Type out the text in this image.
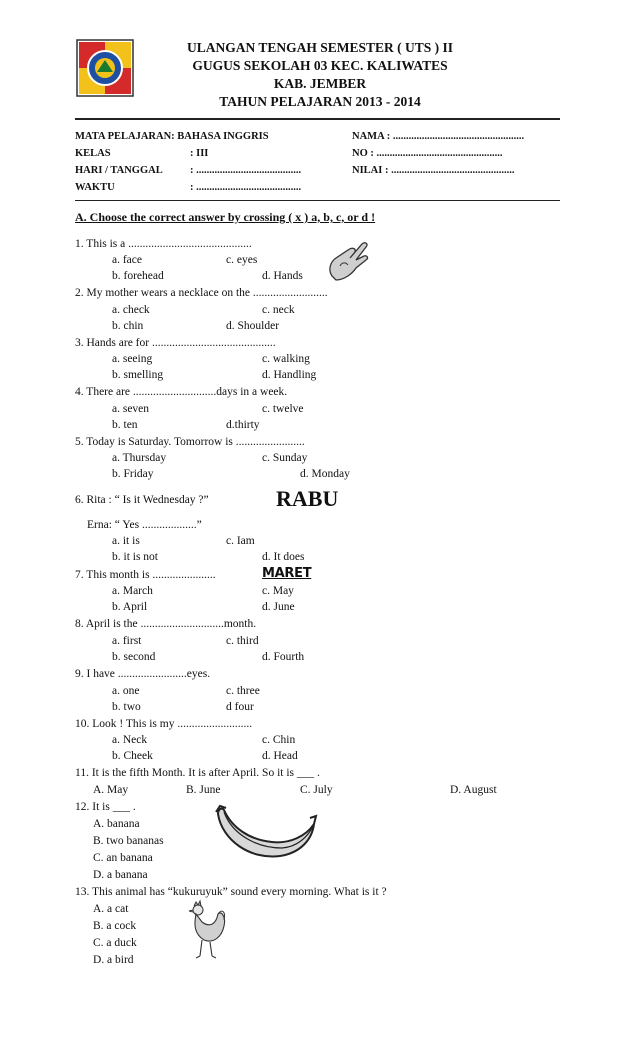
ULANGAN TENGAH SEMESTER ( UTS ) II
GUGUS SEKOLAH 03 KEC. KALIWATES
KAB. JEMBER
TAHUN PELAJARAN 2013 - 2014
MATA PELAJARAN: BAHASA INGGRIS
KELAS	: III
HARI / TANGGAL	: ........................................
WAKTU	: ........................................
NAMA : ..................................................
NO : ................................................
NILAI : ...............................................
A. Choose the correct answer by crossing ( x ) a, b, c, or d !
1. This is a ...........................................
a. face	c. eyes
b. forehead	d. Hands
2. My mother wears a necklace on the ..........................
a. check	c. neck
b. chin	d. Shoulder
3. Hands are for ...........................................
a. seeing	c. walking
b. smelling	d. Handling
4. There are .............................days in a week.
a. seven	c. twelve
b. ten	d.thirty
5. Today is Saturday. Tomorrow is ........................
a. Thursday	c. Sunday
b. Friday	d. Monday
6. Rita : “ Is it Wednesday ?”	RABU
Erna: “ Yes ...................”
a. it is	c. Iam
b. it is not	d. It does
7. This month is ......................	MARET
a. March	c. May
b. April	d. June
8. April is the .............................month.
a. first	c. third
b. second	d. Fourth
9. I have ........................eyes.
a. one	c. three
b. two	d four
10. Look ! This is my ..........................
a. Neck	c. Chin
b. Cheek	d. Head
11. It is the fifth Month. It is after April. So it is ___ .
A. May	B. June	C. July	D. August
12. It is ___ .
A. banana
B. two bananas
C. an banana
D. a banana
13. This animal has “kukuruyuk” sound every morning. What is it ?
A. a cat
B. a cock
C. a duck
D. a bird
